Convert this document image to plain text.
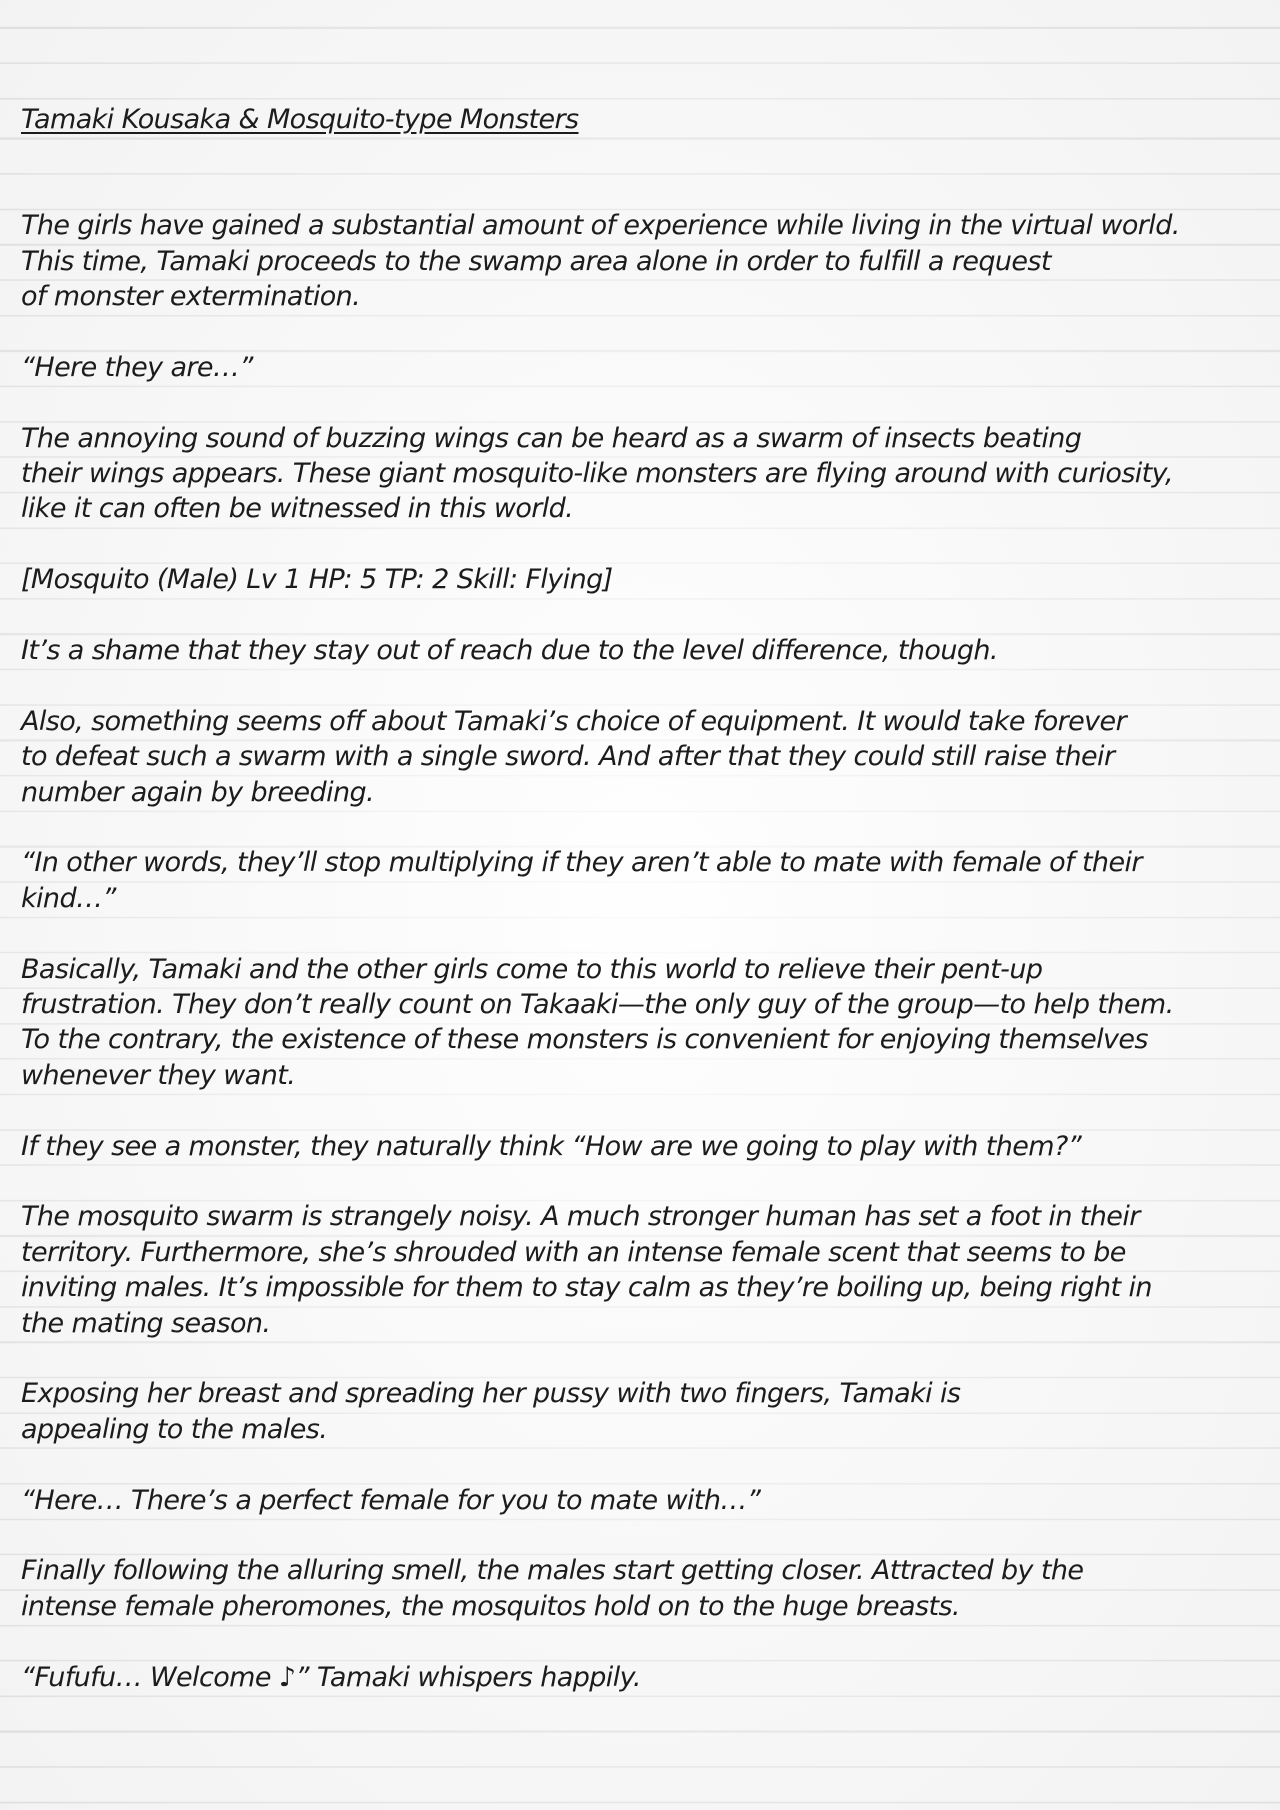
Tamaki Kousaka & Mosquito-type Monsters
The girls have gained a substantial amount of experience while living in the virtual world.
This time, Tamaki proceeds to the swamp area alone in order to fulfill a request
of monster extermination.
“Here they are…”
The annoying sound of buzzing wings can be heard as a swarm of insects beating
their wings appears. These giant mosquito-like monsters are flying around with curiosity,
like it can often be witnessed in this world.
[Mosquito (Male) Lv 1 HP: 5 TP: 2 Skill: Flying]
It’s a shame that they stay out of reach due to the level difference, though.
Also, something seems off about Tamaki’s choice of equipment. It would take forever
to defeat such a swarm with a single sword. And after that they could still raise their
number again by breeding.
“In other words, they’ll stop multiplying if they aren’t able to mate with female of their
kind…”
Basically, Tamaki and the other girls come to this world to relieve their pent-up
frustration. They don’t really count on Takaaki—the only guy of the group—to help them.
To the contrary, the existence of these monsters is convenient for enjoying themselves
whenever they want.
If they see a monster, they naturally think “How are we going to play with them?”
The mosquito swarm is strangely noisy. A much stronger human has set a foot in their
territory. Furthermore, she’s shrouded with an intense female scent that seems to be
inviting males. It’s impossible for them to stay calm as they’re boiling up, being right in
the mating season.
Exposing her breast and spreading her pussy with two fingers, Tamaki is
appealing to the males.
“Here… There’s a perfect female for you to mate with…”
Finally following the alluring smell, the males start getting closer. Attracted by the
intense female pheromones, the mosquitos hold on to the huge breasts.
“Fufufu… Welcome ♪” Tamaki whispers happily.
